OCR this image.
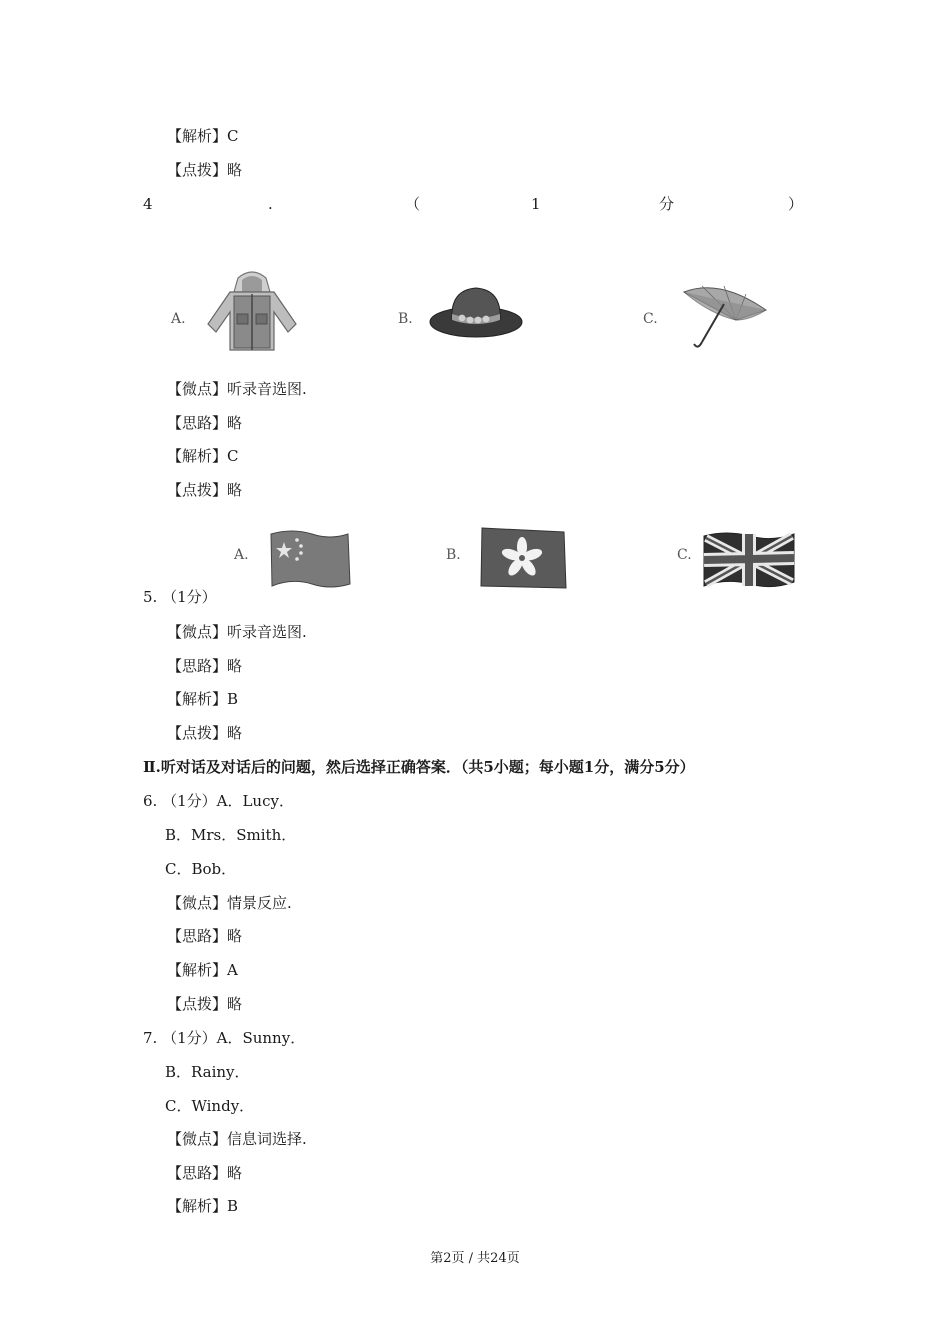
【解析】C
【点拨】略
4	.	（	1	分	）
A.	B.	C.
【微点】听录音选图.
【思路】略
【解析】C
【点拨】略
A.	B.	C.
5. （1分）
【微点】听录音选图.
【思路】略
【解析】B
【点拨】略
Ⅱ.听对话及对话后的问题，然后选择正确答案．（共5小题；每小题1分，满分5分）
6. （1分）A．Lucy．
B．Mrs．Smith．
C．Bob．
【微点】情景反应.
【思路】略
【解析】A
【点拨】略
7. （1分）A．Sunny．
B．Rainy．
C．Windy．
【微点】信息词选择.
【思路】略
【解析】B
第2页 / 共24页
